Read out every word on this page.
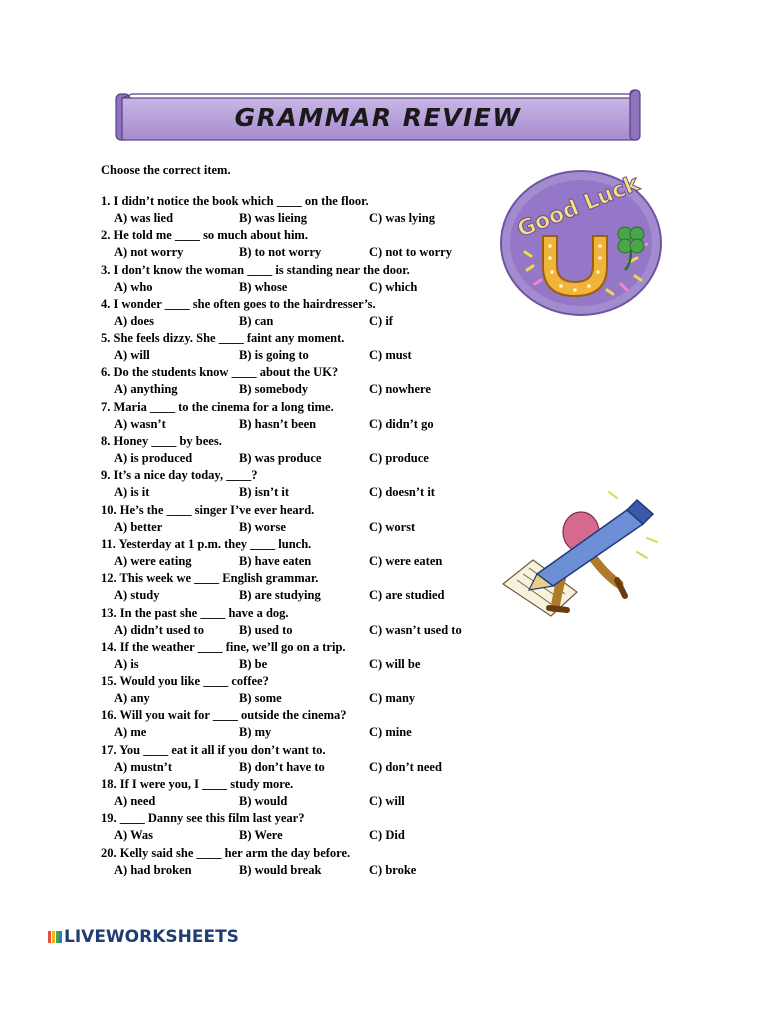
GRAMMAR REVIEW
Choose the correct item.
1. I didn’t notice the book which ____ on the floor.
A) was lied	B) was lieing	C) was lying
2. He told me ____ so much about him.
A) not worry	B) to not worry	C) not to worry
3. I don’t know the woman ____ is standing near the door.
A) who	B) whose	C) which
4. I wonder ____ she often goes to the hairdresser’s.
A) does	B) can	C) if
5. She feels dizzy. She ____ faint any moment.
A) will	B) is going to	C) must
6. Do the students know ____ about the UK?
A) anything	B) somebody	C) nowhere
7. Maria ____ to the cinema for a long time.
A) wasn’t	B) hasn’t been	C) didn’t go
8. Honey ____ by bees.
A) is produced	B) was produce	C) produce
9. It’s a nice day today, ____?
A) is it	B) isn’t it	C) doesn’t it
10. He’s the ____ singer I’ve ever heard.
A) better	B) worse	C) worst
11. Yesterday at 1 p.m. they ____ lunch.
A) were eating	B) have eaten	C) were eaten
12. This week we ____ English grammar.
A) study	B) are studying	C) are studied
13. In the past she ____ have a dog.
A) didn’t used to	B) used to	C) wasn’t used to
14. If the weather ____ fine, we’ll go on a trip.
A) is	B) be	C) will be
15. Would you like ____ coffee?
A) any	B) some	C) many
16. Will you wait for ____ outside the cinema?
A) me	B) my	C) mine
17. You ____ eat it all if you don’t want to.
A) mustn’t	B) don’t have to	C) don’t need
18. If I were you, I ____ study more.
A) need	B) would	C) will
19. ____ Danny see this film last year?
A) Was	B) Were	C) Did
20. Kelly said she ____ her arm the day before.
A) had broken	B) would break	C) broke
Good Luck
LIVEWORKSHEETS
